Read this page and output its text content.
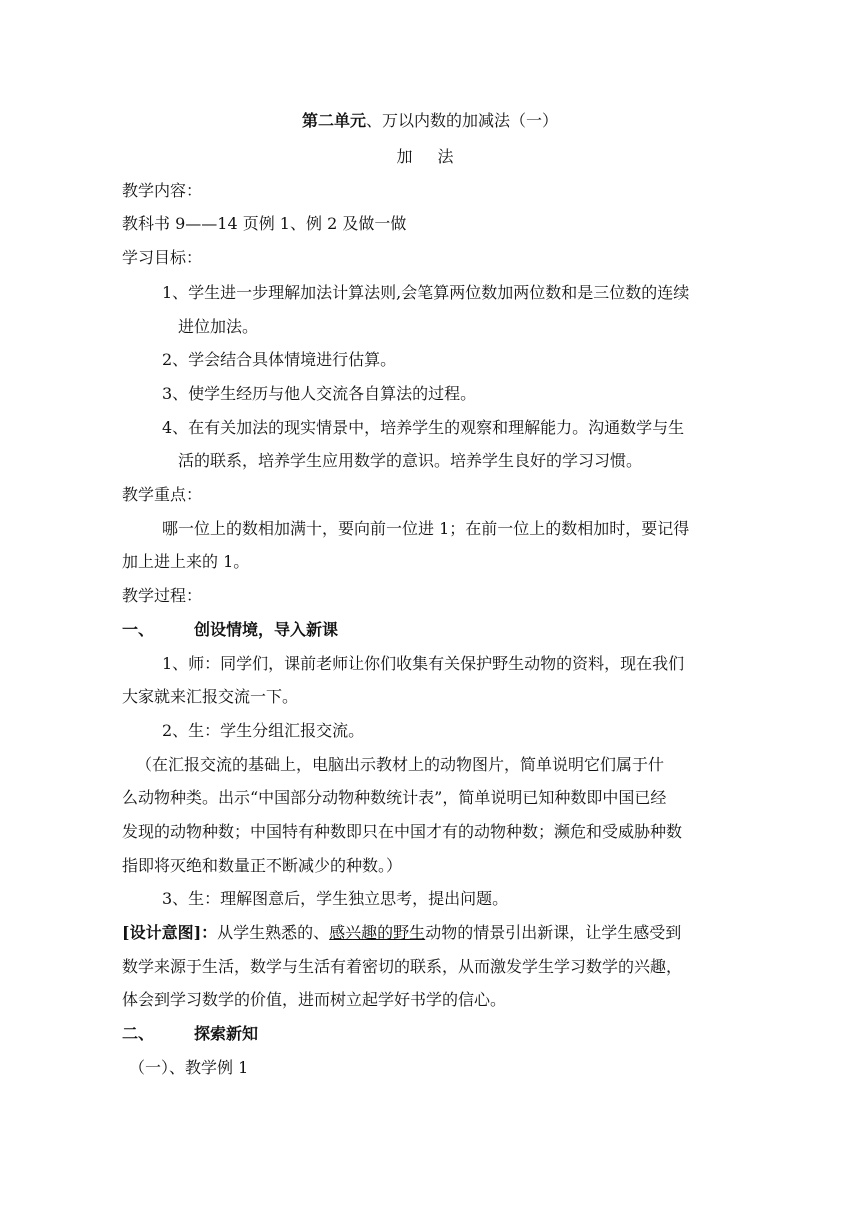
第二单元、万以内数的加减法（一）
加 法
教学内容：
教科书 9——14 页例 1、例 2 及做一做
学习目标：
1、学生进一步理解加法计算法则,会笔算两位数加两位数和是三位数的连续
进位加法。
2、学会结合具体情境进行估算。
3、使学生经历与他人交流各自算法的过程。
4、在有关加法的现实情景中，培养学生的观察和理解能力。沟通数学与生
活的联系，培养学生应用数学的意识。培养学生良好的学习习惯。
教学重点：
哪一位上的数相加满十，要向前一位进 1；在前一位上的数相加时，要记得
加上进上来的 1。
教学过程：
一、 创设情境，导入新课
1、师：同学们，课前老师让你们收集有关保护野生动物的资料，现在我们
大家就来汇报交流一下。
2、生：学生分组汇报交流。
（在汇报交流的基础上，电脑出示教材上的动物图片，简单说明它们属于什
么动物种类。出示“中国部分动物种数统计表”，简单说明已知种数即中国已经
发现的动物种数；中国特有种数即只在中国才有的动物种数；濒危和受威胁种数
指即将灭绝和数量正不断减少的种数。）
3、生：理解图意后，学生独立思考，提出问题。
[设计意图]：从学生熟悉的、感兴趣的野生动物的情景引出新课，让学生感受到
数学来源于生活，数学与生活有着密切的联系，从而激发学生学习数学的兴趣，
体会到学习数学的价值，进而树立起学好书学的信心。
二、 探索新知
（一）、教学例 1
